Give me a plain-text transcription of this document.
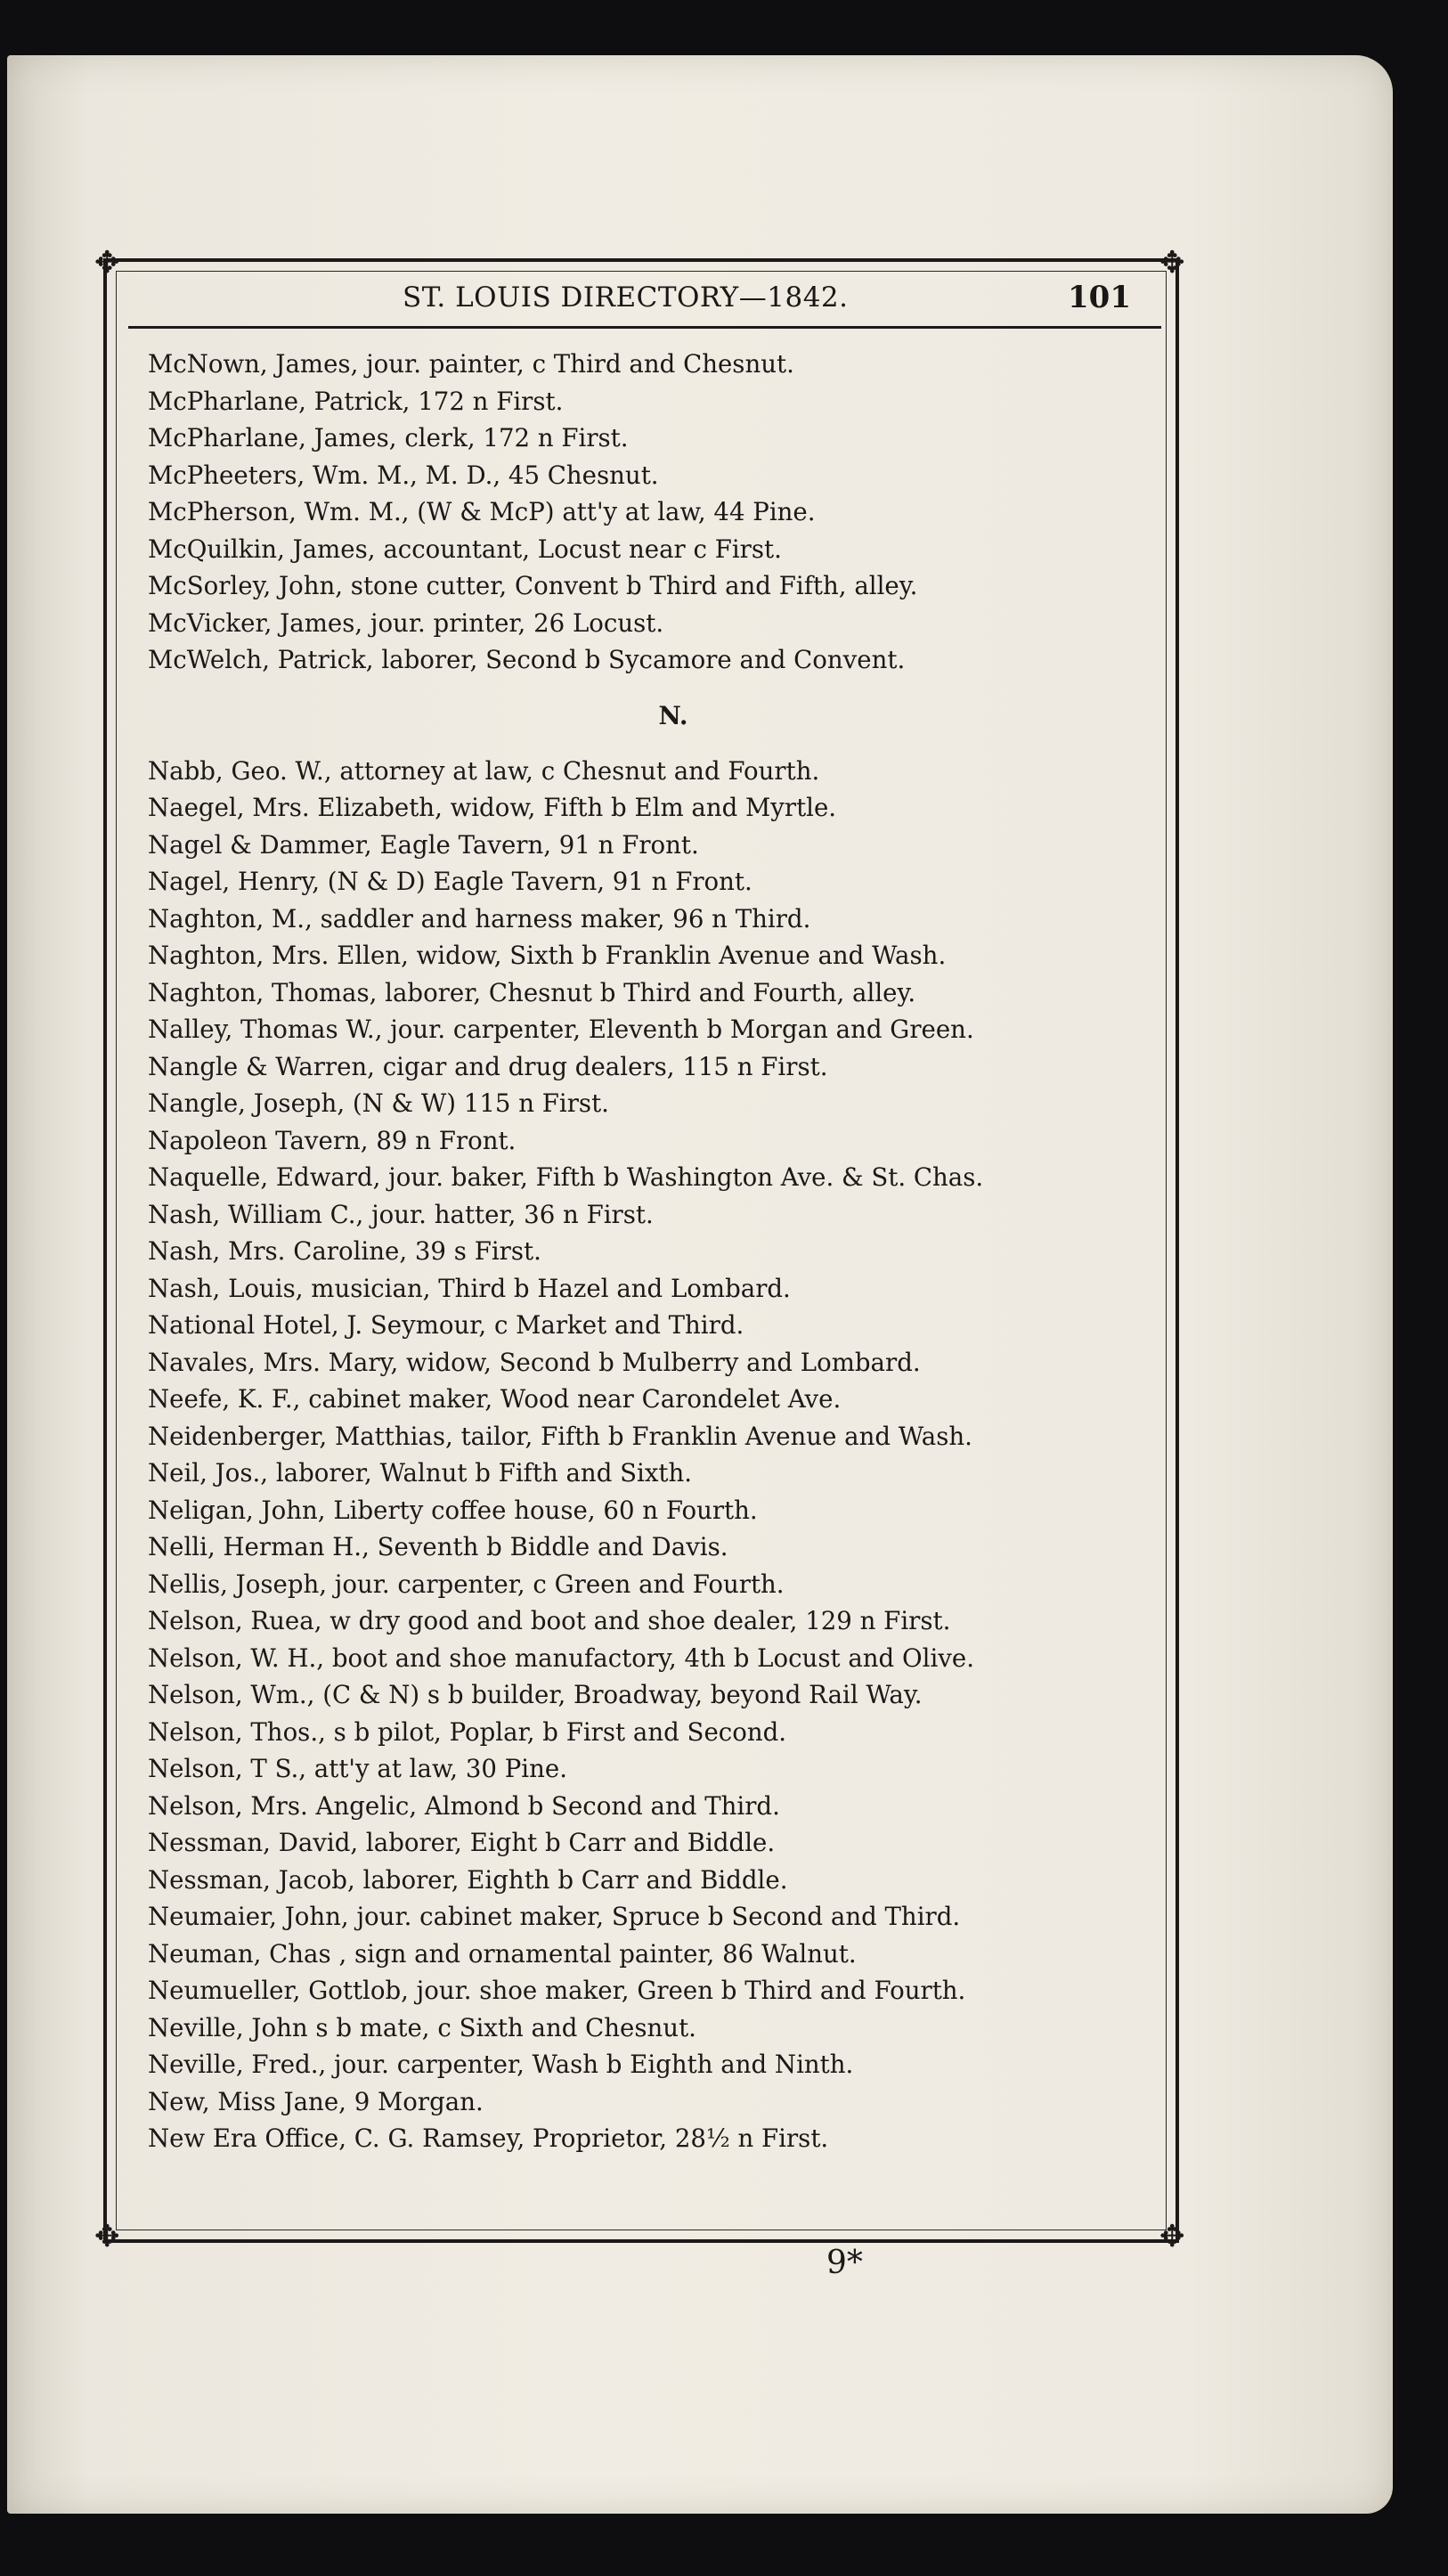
✥	✥
✥	✥
ST. LOUIS DIRECTORY—1842.	101
McNown, James, jour. painter, c Third and Chesnut.
McPharlane, Patrick, 172 n First.
McPharlane, James, clerk, 172 n First.
McPheeters, Wm. M., M. D., 45 Chesnut.
McPherson, Wm. M., (W & McP) att'y at law, 44 Pine.
McQuilkin, James, accountant, Locust near c First.
McSorley, John, stone cutter, Convent b Third and Fifth, alley.
McVicker, James, jour. printer, 26 Locust.
McWelch, Patrick, laborer, Second b Sycamore and Convent.
N.
Nabb, Geo. W., attorney at law, c Chesnut and Fourth.
Naegel, Mrs. Elizabeth, widow, Fifth b Elm and Myrtle.
Nagel & Dammer, Eagle Tavern, 91 n Front.
Nagel, Henry, (N & D) Eagle Tavern, 91 n Front.
Naghton, M., saddler and harness maker, 96 n Third.
Naghton, Mrs. Ellen, widow, Sixth b Franklin Avenue and Wash.
Naghton, Thomas, laborer, Chesnut b Third and Fourth, alley.
Nalley, Thomas W., jour. carpenter, Eleventh b Morgan and Green.
Nangle & Warren, cigar and drug dealers, 115 n First.
Nangle, Joseph, (N & W) 115 n First.
Napoleon Tavern, 89 n Front.
Naquelle, Edward, jour. baker, Fifth b Washington Ave. & St. Chas.
Nash, William C., jour. hatter, 36 n First.
Nash, Mrs. Caroline, 39 s First.
Nash, Louis, musician, Third b Hazel and Lombard.
National Hotel, J. Seymour, c Market and Third.
Navales, Mrs. Mary, widow, Second b Mulberry and Lombard.
Neefe, K. F., cabinet maker, Wood near Carondelet Ave.
Neidenberger, Matthias, tailor, Fifth b Franklin Avenue and Wash.
Neil, Jos., laborer, Walnut b Fifth and Sixth.
Neligan, John, Liberty coffee house, 60 n Fourth.
Nelli, Herman H., Seventh b Biddle and Davis.
Nellis, Joseph, jour. carpenter, c Green and Fourth.
Nelson, Ruea, w dry good and boot and shoe dealer, 129 n First.
Nelson, W. H., boot and shoe manufactory, 4th b Locust and Olive.
Nelson, Wm., (C & N) s b builder, Broadway, beyond Rail Way.
Nelson, Thos., s b pilot, Poplar, b First and Second.
Nelson, T S., att'y at law, 30 Pine.
Nelson, Mrs. Angelic, Almond b Second and Third.
Nessman, David, laborer, Eight b Carr and Biddle.
Nessman, Jacob, laborer, Eighth b Carr and Biddle.
Neumaier, John, jour. cabinet maker, Spruce b Second and Third.
Neuman, Chas , sign and ornamental painter, 86 Walnut.
Neumueller, Gottlob, jour. shoe maker, Green b Third and Fourth.
Neville, John s b mate, c Sixth and Chesnut.
Neville, Fred., jour. carpenter, Wash b Eighth and Ninth.
New, Miss Jane, 9 Morgan.
New Era Office, C. G. Ramsey, Proprietor, 28½ n First.
9*
